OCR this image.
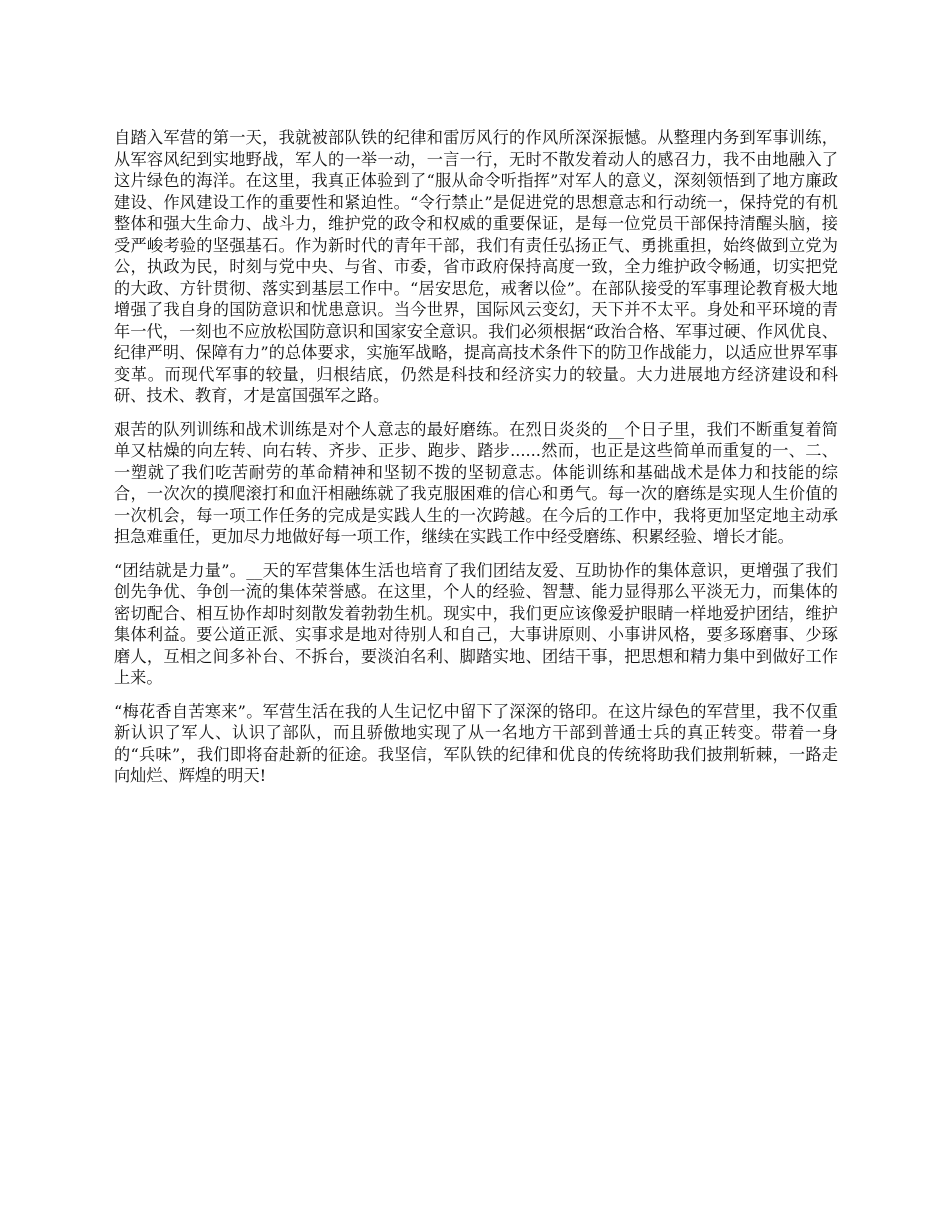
自踏入军营的第一天，我就被部队铁的纪律和雷厉风行的作风所深深振憾。从整理内务到军事训练，从军容风纪到实地野战，军人的一举一动，一言一行，无时不散发着动人的感召力，我不由地融入了这片绿色的海洋。在这里，我真正体验到了“服从命令听指挥”对军人的意义，深刻领悟到了地方廉政建设、作风建设工作的重要性和紧迫性。“令行禁止”是促进党的思想意志和行动统一，保持党的有机整体和强大生命力、战斗力，维护党的政令和权威的重要保证，是每一位党员干部保持清醒头脑，接受严峻考验的坚强基石。作为新时代的青年干部，我们有责任弘扬正气、勇挑重担，始终做到立党为公，执政为民，时刻与党中央、与省、市委，省市政府保持高度一致，全力维护政令畅通，切实把党的大政、方针贯彻、落实到基层工作中。“居安思危，戒奢以俭”。在部队接受的军事理论教育极大地增强了我自身的国防意识和忧患意识。当今世界，国际风云变幻，天下并不太平。身处和平环境的青年一代，一刻也不应放松国防意识和国家安全意识。我们必须根据“政治合格、军事过硬、作风优良、纪律严明、保障有力”的总体要求，实施军战略，提高高技术条件下的防卫作战能力，以适应世界军事变革。而现代军事的较量，归根结底，仍然是科技和经济实力的较量。大力进展地方经济建设和科研、技术、教育，才是富国强军之路。

艰苦的队列训练和战术训练是对个人意志的最好磨练。在烈日炎炎的__个日子里，我们不断重复着简单又枯燥的向左转、向右转、齐步、正步、跑步、踏步......然而，也正是这些简单而重复的一、二、一塑就了我们吃苦耐劳的革命精神和坚韧不拨的坚韧意志。体能训练和基础战术是体力和技能的综合，一次次的摸爬滚打和血汗相融练就了我克服困难的信心和勇气。每一次的磨练是实现人生价值的一次机会，每一项工作任务的完成是实践人生的一次跨越。在今后的工作中，我将更加坚定地主动承担急难重任，更加尽力地做好每一项工作，继续在实践工作中经受磨练、积累经验、增长才能。

“团结就是力量”。__天的军营集体生活也培育了我们团结友爱、互助协作的集体意识，更增强了我们创先争优、争创一流的集体荣誉感。在这里，个人的经验、智慧、能力显得那么平淡无力，而集体的密切配合、相互协作却时刻散发着勃勃生机。现实中，我们更应该像爱护眼睛一样地爱护团结，维护集体利益。要公道正派、实事求是地对待别人和自己，大事讲原则、小事讲风格，要多琢磨事、少琢磨人，互相之间多补台、不拆台，要淡泊名利、脚踏实地、团结干事，把思想和精力集中到做好工作上来。

“梅花香自苦寒来”。军营生活在我的人生记忆中留下了深深的铬印。在这片绿色的军营里，我不仅重新认识了军人、认识了部队，而且骄傲地实现了从一名地方干部到普通士兵的真正转变。带着一身的“兵味”，我们即将奋赴新的征途。我坚信，军队铁的纪律和优良的传统将助我们披荆斩棘，一路走向灿烂、辉煌的明天!
